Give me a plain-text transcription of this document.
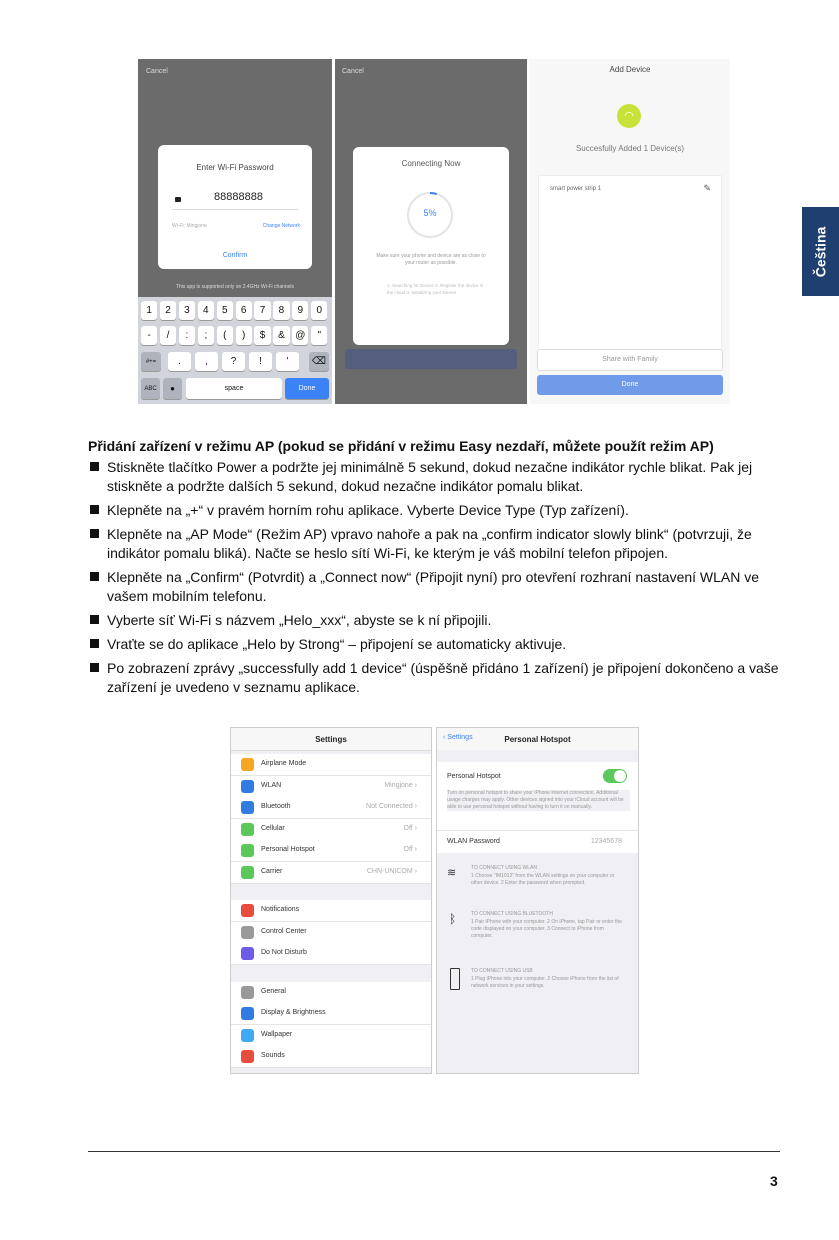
Čeština
Cancel
Enter Wi-Fi Password
88888888
Wi-Fi: Mingjone	Change Network
Confirm
This app is supported only on 2.4GHz Wi-Fi channels
1	2	3	4	5	6	7	8	9	0
-	/	:	;	(	)	$	&	@	"
.	,	?	!	'
#+=	⌫
ABC	●	space	Done
Cancel
Connecting Now
5%
Make sure your phone and device are as close to your router as possible.
1. Searching for Device 2. Register the device in the cloud 3. Initializing your Device
Add Device
◠
Succesfully Added 1 Device(s)
smart power strip 1	✎
Share with Family
Done
Přidání zařízení v režimu AP (pokud se přidání v režimu Easy nezdaří, můžete použít režim AP)
Stiskněte tlačítko Power a podržte jej minimálně 5 sekund, dokud nezačne indikátor rychle blikat. Pak jej stiskněte a podržte dalších 5 sekund, dokud nezačne indikátor pomalu blikat.
Klepněte na „+“ v pravém horním rohu aplikace. Vyberte Device Type (Typ zařízení).
Klepněte na „AP Mode“ (Režim AP) vpravo nahoře a pak na „confirm indicator slowly blink“ (potvrzuji, že indikátor pomalu bliká). Načte se heslo sítí Wi-Fi, ke kterým je váš mobilní telefon připojen.
Klepněte na „Confirm“ (Potvrdit) a „Connect now“ (Připojit nyní) pro otevření rozhraní nastavení WLAN ve vašem mobilním telefonu.
Vyberte síť Wi-Fi s názvem „Helo_xxx“, abyste se k ní připojili.
Vraťte se do aplikace „Helo by Strong“ – připojení se automaticky aktivuje.
Po zobrazení zprávy „successfully add 1 device“ (úspěšně přidáno 1 zařízení) je připojení dokončeno a vaše zařízení je uvedeno v seznamu aplikace.
Settings
Airplane Mode
WLAN	Mingjone ›
Bluetooth	Not Connected ›
Cellular	Off ›
Personal Hotspot	Off ›
Carrier	CHN-UNICOM ›
Notifications
Control Center
Do Not Disturb
General
Display & Brightness
Wallpaper
Sounds
‹ Settings	Personal Hotspot
Personal Hotspot
Turn on personal hotspot to share your iPhone internet connection. Additional usage charges may apply. Other devices signed into your iCloud account will be able to use personal hotspot without having to turn it on manually.
WLAN Password	12345678
≋	TO CONNECT USING WLAN
1 Choose "IM1012" from the WLAN settings on your computer or other device. 2 Enter the password when prompted.
ᛒ	TO CONNECT USING BLUETOOTH
1 Pair iPhone with your computer. 2 On iPhone, tap Pair or enter the code displayed on your computer. 3 Connect to iPhone from computer.
TO CONNECT USING USB
1 Plug iPhone into your computer. 2 Choose iPhone from the list of network services in your settings.
3
